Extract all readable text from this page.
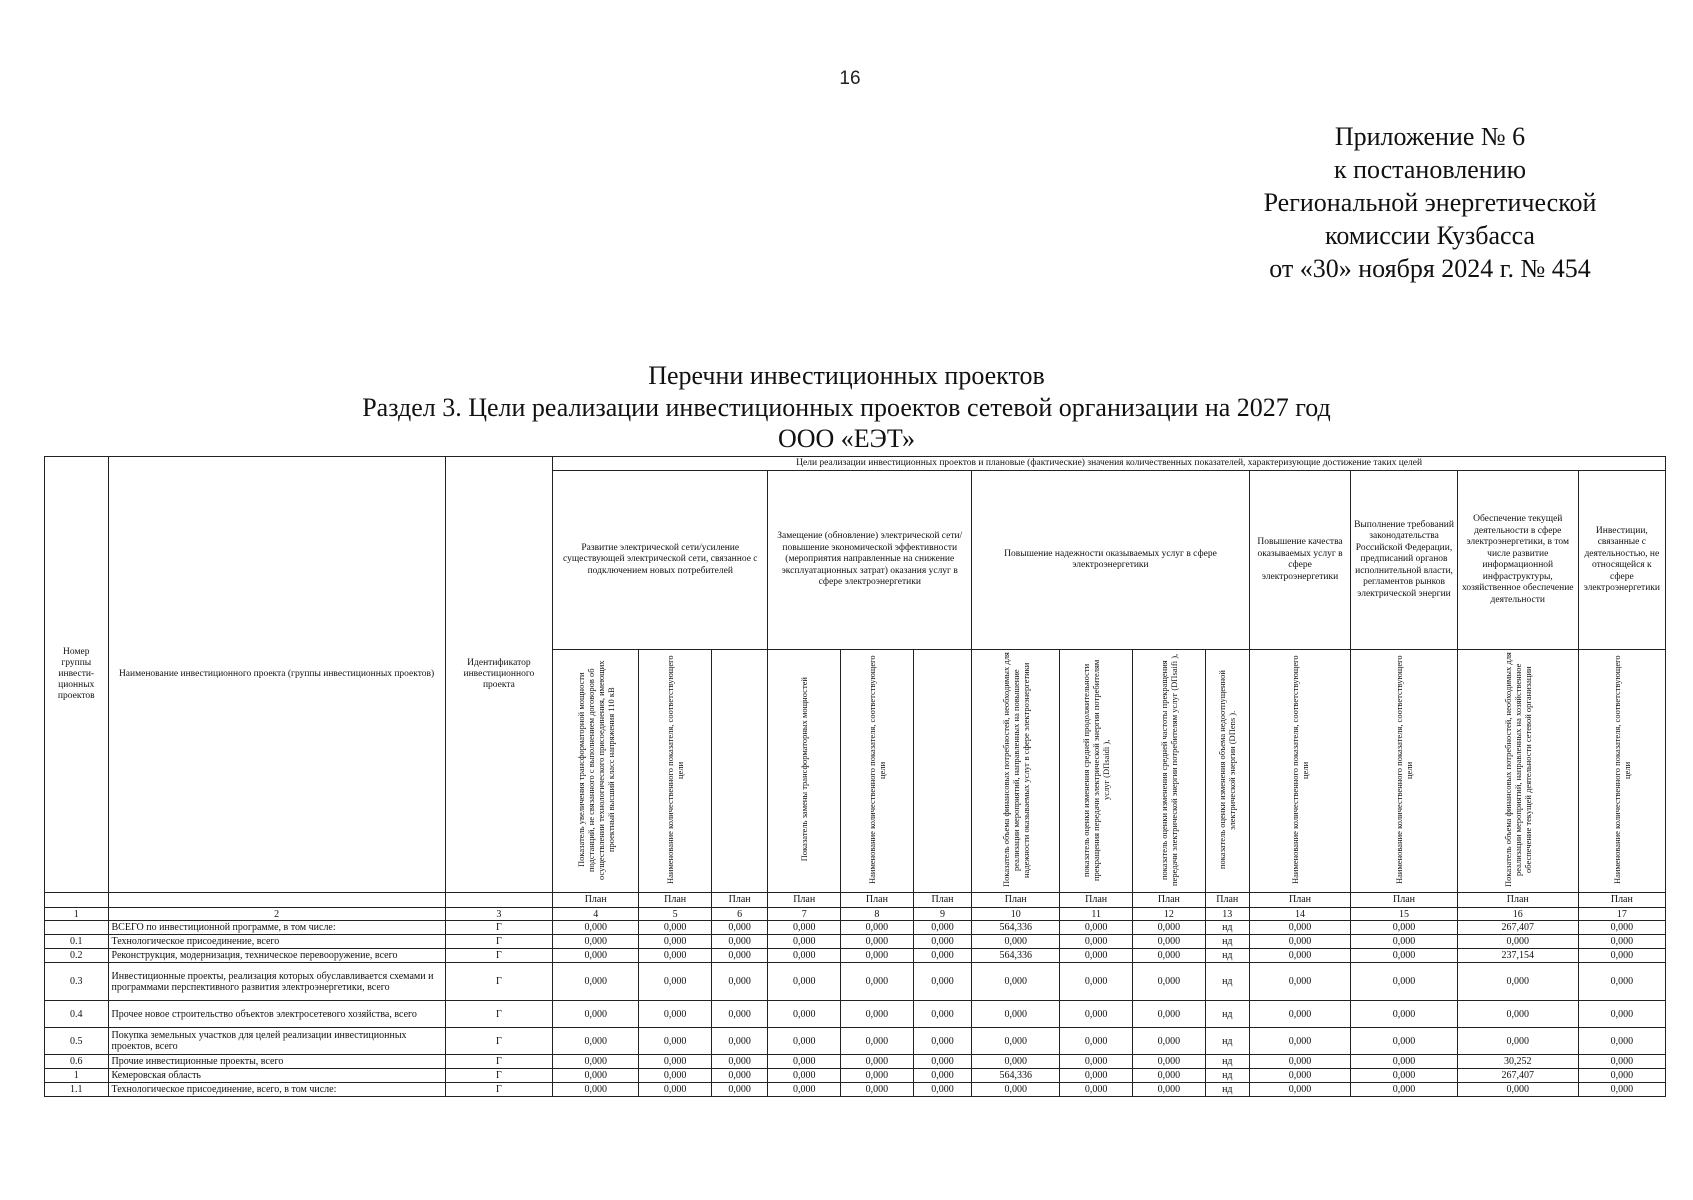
16
Приложение № 6
к постановлению
Региональной энергетической
комиссии Кузбасса
от «30» ноября 2024 г. № 454
Перечни инвестиционных проектов
Раздел 3. Цели реализации инвестиционных проектов сетевой организации на 2027 год
ООО «ЕЭТ»
Номер группы инвести-ционных проектов	Наименование инвестиционного проекта (группы инвестиционных проектов)	Идентификатор инвестиционного проекта	Цели реализации инвестиционных проектов и плановые (фактические) значения количественных показателей, характеризующие достижение таких целей													
			Развитие электрической сети/усиление существующей электрической сети, связанное с подключением новых потребителей			Замещение (обновление) электрической сети/повышение экономической эффективности (мероприятия направленные на снижение эксплуатационных затрат) оказания услуг в сфере электроэнергетики			Повышение надежности оказываемых услуг в сфере электроэнергетики				Повышение качества оказываемых услуг в сфере электроэнергетики	Выполнение требований законодательства Российской Федерации, предписаний органов исполнительной власти, регламентов рынков электрической энергии	Обеспечение текущей деятельности в сфере электроэнергетики, в том числе развитие информационной инфраструктуры, хозяйственное обеспечение деятельности	Инвестиции, связанные с деятельностью, не относящейся к сфере электроэнергетики
			Показатель увеличения трансформаторной мощности подстанций, не связанного с выполнением договоров об осуществлении технологического присоединения, имеющих проектный высший класс напряжения 110 кВ	Наименование количественного показателя, соответствующего цели		Показатель замены трансформаторных мощностей	Наименование количественного показателя, соответствующего цели		Показатель объема финансовых потребностей, необходимых для реализации мероприятий, направленных на повышение надежности оказываемых услуг в сфере электроэнергетики	показатель оценки изменения средней продолжительности прекращения передачи электрической энергии потребителям услуг (DПsaidi ),	показатель оценки изменения средней частоты прекращения передачи электрической энергии потребителям услуг (DПsaifi ),	показатель оценки изменения объема недоотпущенной электрической энергии (DПens ).	Наименование количественного показателя, соответствующего цели	Наименование количественного показателя, соответствующего цели	Показатель объема финансовых потребностей, необходимых для реализации мероприятий, направленных на хозяйственное обеспечение текущей деятельности сетевой организации	Наименование количественного показателя, соответствующего цели
			План	План	План	План	План	План	План	План	План	План	План	План	План	План
1	2	3	4	5	6	7	8	9	10	11	12	13	14	15	16	17
	ВСЕГО по инвестиционной программе, в том числе:	Г	0,000	0,000	0,000	0,000	0,000	0,000	564,336	0,000	0,000	нд	0,000	0,000	267,407	0,000
0.1	Технологическое присоединение, всего	Г	0,000	0,000	0,000	0,000	0,000	0,000	0,000	0,000	0,000	нд	0,000	0,000	0,000	0,000
0.2	Реконструкция, модернизация, техническое перевооружение, всего	Г	0,000	0,000	0,000	0,000	0,000	0,000	564,336	0,000	0,000	нд	0,000	0,000	237,154	0,000
0.3	Инвестиционные проекты, реализация которых обуславливается схемами и программами перспективного развития электроэнергетики, всего	Г	0,000	0,000	0,000	0,000	0,000	0,000	0,000	0,000	0,000	нд	0,000	0,000	0,000	0,000
0.4	Прочее новое строительство объектов электросетевого хозяйства, всего	Г	0,000	0,000	0,000	0,000	0,000	0,000	0,000	0,000	0,000	нд	0,000	0,000	0,000	0,000
0.5	Покупка земельных участков для целей реализации инвестиционных проектов, всего	Г	0,000	0,000	0,000	0,000	0,000	0,000	0,000	0,000	0,000	нд	0,000	0,000	0,000	0,000
0.6	Прочие инвестиционные проекты, всего	Г	0,000	0,000	0,000	0,000	0,000	0,000	0,000	0,000	0,000	нд	0,000	0,000	30,252	0,000
1	Кемеровская область	Г	0,000	0,000	0,000	0,000	0,000	0,000	564,336	0,000	0,000	нд	0,000	0,000	267,407	0,000
1.1	Технологическое присоединение, всего, в том числе:	Г	0,000	0,000	0,000	0,000	0,000	0,000	0,000	0,000	0,000	нд	0,000	0,000	0,000	0,000
